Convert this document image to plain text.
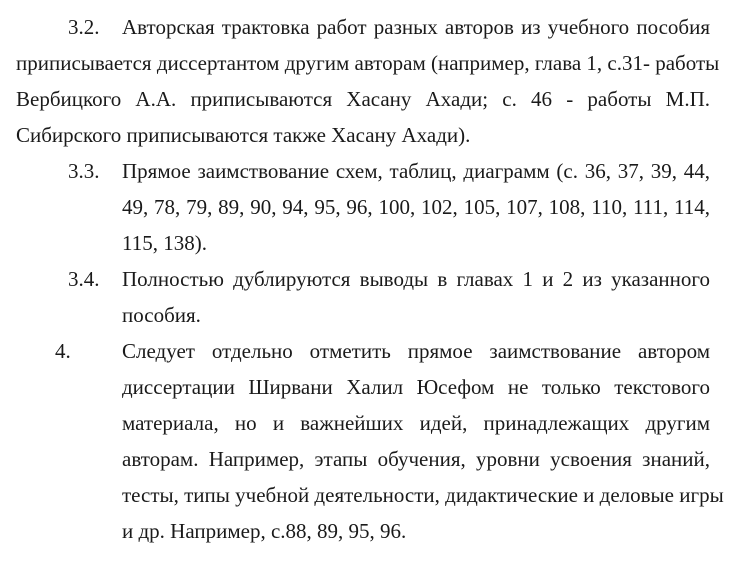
3.2. Авторская трактовка работ разных авторов из учебного пособия
приписывается диссертантом другим авторам (например, глава 1, с.31- работы
Вербицкого А.А. приписываются Хасану Ахади; с. 46 - работы М.П.
Сибирского приписываются также Хасану Ахади).
3.3. Прямое заимствование схем, таблиц, диаграмм (с. 36, 37, 39, 44,
49, 78, 79, 89, 90, 94, 95, 96, 100, 102, 105, 107, 108, 110, 111, 114,
115, 138).
3.4. Полностью дублируются выводы в главах 1 и 2 из указанного
пособия.
4. Следует отдельно отметить прямое заимствование автором
диссертации Ширвани Халил Юсефом не только текстового
материала, но и важнейших идей, принадлежащих другим
авторам. Например, этапы обучения, уровни усвоения знаний,
тесты, типы учебной деятельности, дидактические и деловые игры
и др. Например, с.88, 89, 95, 96.
